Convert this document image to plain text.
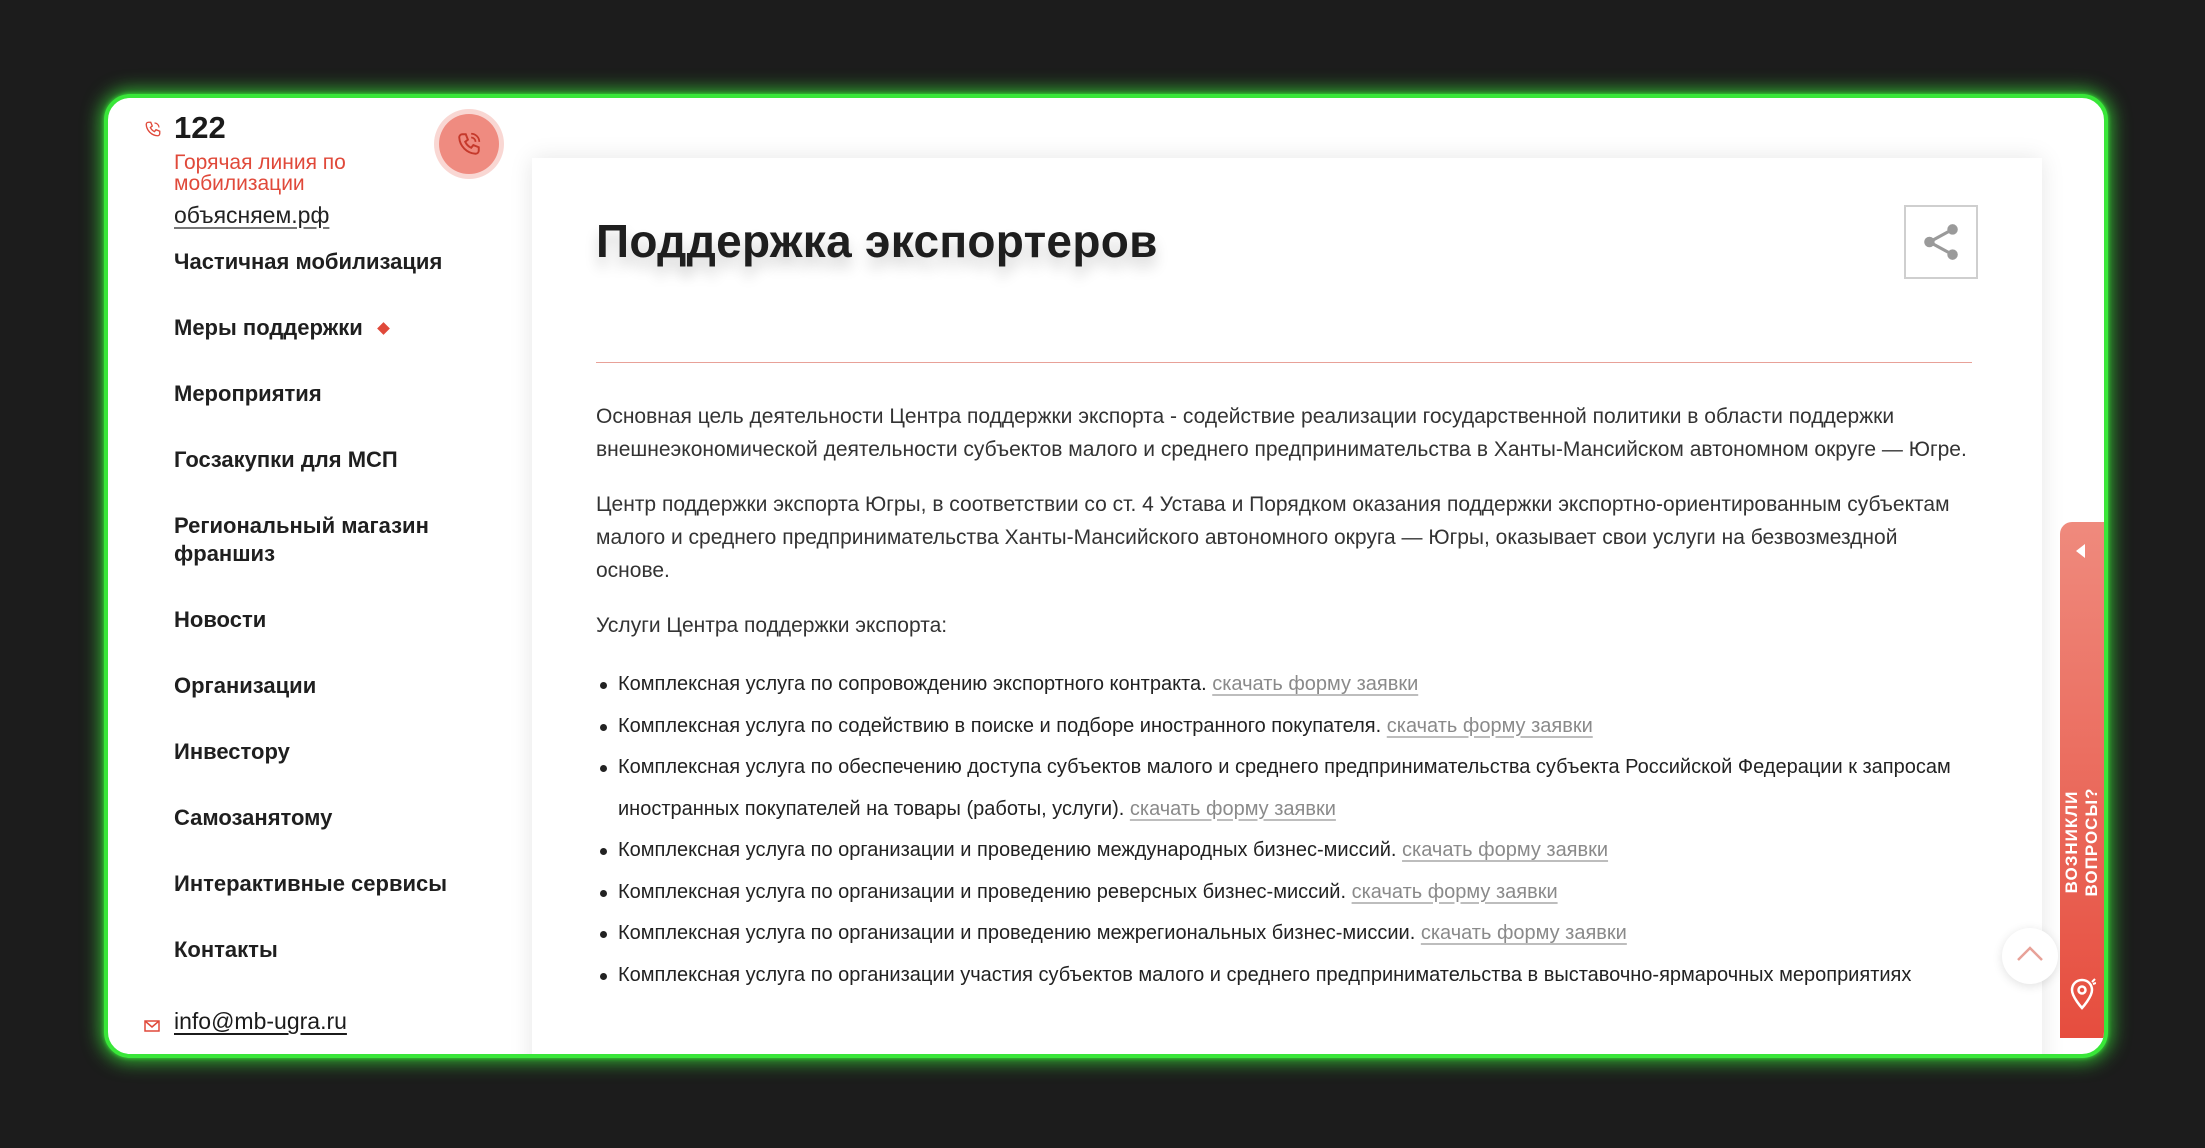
122
Горячая линия по мобилизации
объясняем.рф
Частичная мобилизация
Меры поддержки
Мероприятия
Госзакупки для МСП
Региональный магазин франшиз
Новости
Организации
Инвестору
Самозанятому
Интерактивные сервисы
Контакты
info@mb-ugra.ru
Поддержка экспортеров

Основная цель деятельности Центра поддержки экспорта - содействие реализации государственной политики в области поддержки внешнеэкономической деятельности субъектов малого и среднего предпринимательства в Ханты-Мансийском автономном округе — Югре.

Центр поддержки экспорта Югры, в соответствии со ст. 4 Устава и Порядком оказания поддержки экспортно-ориентированным субъектам малого и среднего предпринимательства Ханты-Мансийского автономного округа — Югры, оказывает свои услуги на безвозмездной основе.

Услуги Центра поддержки экспорта:

Комплексная услуга по сопровождению экспортного контракта. скачать форму заявки
Комплексная услуга по содействию в поиске и подборе иностранного покупателя. скачать форму заявки
Комплексная услуга по обеспечению доступа субъектов малого и среднего предпринимательства субъекта Российской Федерации к запросам иностранных покупателей на товары (работы, услуги). скачать форму заявки
Комплексная услуга по организации и проведению международных бизнес-миссий. скачать форму заявки
Комплексная услуга по организации и проведению реверсных бизнес-миссий. скачать форму заявки
Комплексная услуга по организации и проведению межрегиональных бизнес-миссии. скачать форму заявки
Комплексная услуга по организации участия субъектов малого и среднего предпринимательства в выставочно-ярмарочных мероприятиях
ВОЗНИКЛИ ВОПРОСЫ?
